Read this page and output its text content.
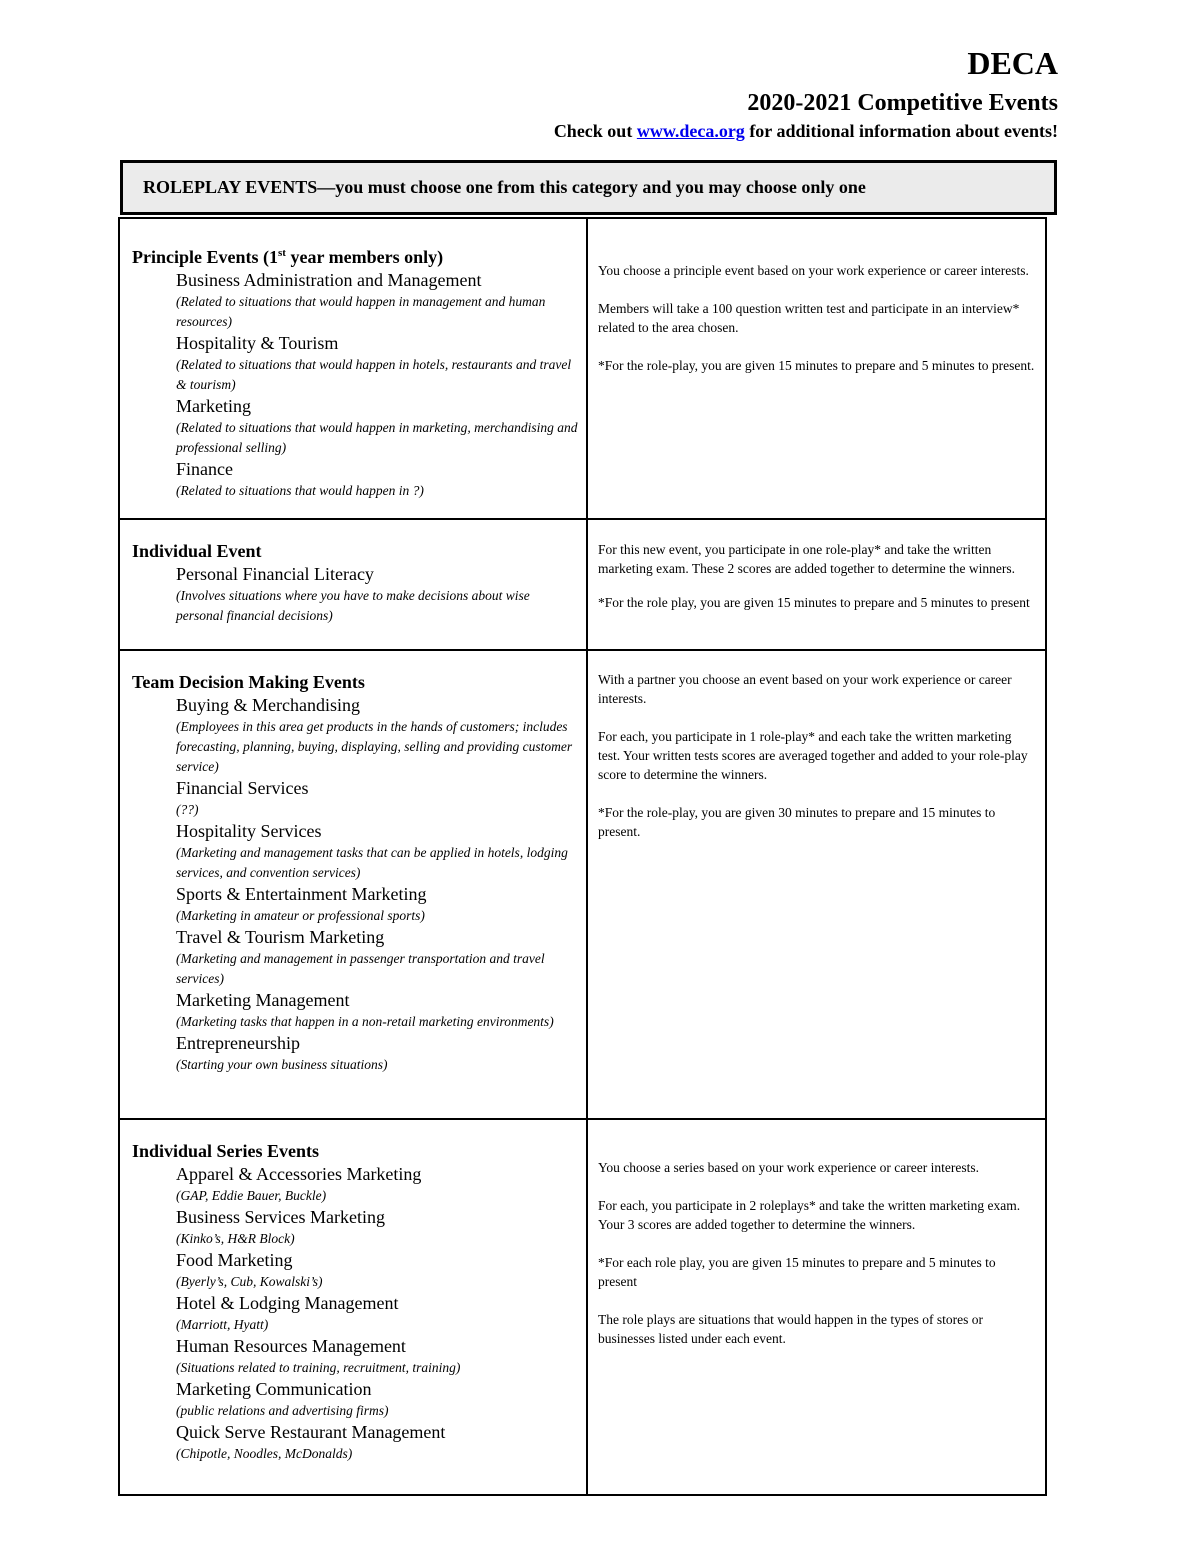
DECA
2020-2021 Competitive Events
Check out www.deca.org for additional information about events!
ROLEPLAY EVENTS—you must choose one from this category and you may choose only one
Principle Events (1st year members only)
Business Administration and Management
(Related to situations that would happen in management and human resources)
Hospitality & Tourism
(Related to situations that would happen in hotels, restaurants and travel & tourism)
Marketing
(Related to situations that would happen in marketing, merchandising and professional selling)
Finance
(Related to situations that would happen in ?)

You choose a principle event based on your work experience or career interests.

Members will take a 100 question written test and participate in an interview* related to the area chosen.

*For the role-play, you are given 15 minutes to prepare and 5 minutes to present.

Individual Event
Personal Financial Literacy
(Involves situations where you have to make decisions about wise personal financial decisions)

For this new event, you participate in one role-play* and take the written marketing exam. These 2 scores are added together to determine the winners.

*For the role play, you are given 15 minutes to prepare and 5 minutes to present

Team Decision Making Events
Buying & Merchandising
(Employees in this area get products in the hands of customers; includes forecasting, planning, buying, displaying, selling and providing customer service)
Financial Services
(??)
Hospitality Services
(Marketing and management tasks that can be applied in hotels, lodging services, and convention services)
Sports & Entertainment Marketing
(Marketing in amateur or professional sports)
Travel & Tourism Marketing
(Marketing and management in passenger transportation and travel services)
Marketing Management
(Marketing tasks that happen in a non-retail marketing environments)
Entrepreneurship
(Starting your own business situations)

With a partner you choose an event based on your work experience or career interests.

For each, you participate in 1 role-play* and each take the written marketing test. Your written tests scores are averaged together and added to your role-play score to determine the winners.

*For the role-play, you are given 30 minutes to prepare and 15 minutes to present.

Individual Series Events
Apparel & Accessories Marketing
(GAP, Eddie Bauer, Buckle)
Business Services Marketing
(Kinko’s, H&R Block)
Food Marketing
(Byerly’s, Cub, Kowalski’s)
Hotel & Lodging Management
(Marriott, Hyatt)
Human Resources Management
(Situations related to training, recruitment, training)
Marketing Communication
(public relations and advertising firms)
Quick Serve Restaurant Management
(Chipotle, Noodles, McDonalds)

You choose a series based on your work experience or career interests.

For each, you participate in 2 roleplays* and take the written marketing exam. Your 3 scores are added together to determine the winners.

*For each role play, you are given 15 minutes to prepare and 5 minutes to present

The role plays are situations that would happen in the types of stores or businesses listed under each event.
